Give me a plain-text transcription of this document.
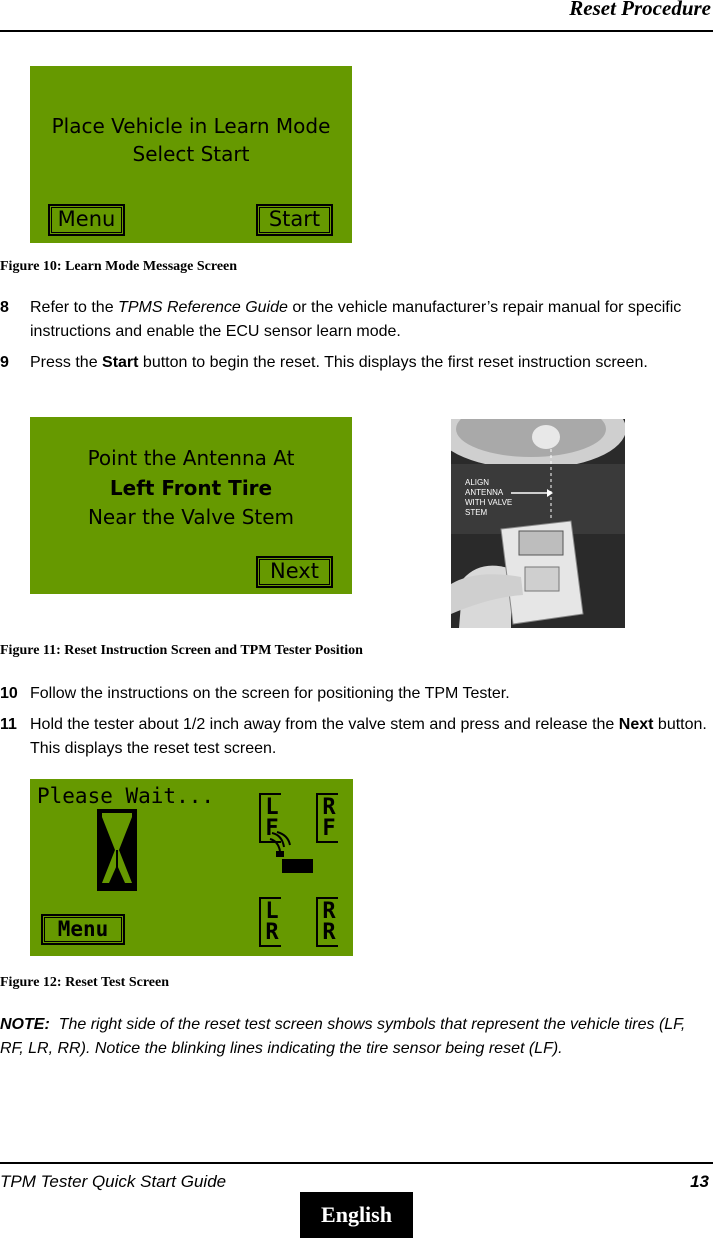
Reset Procedure
Place Vehicle in Learn Mode
Select Start
Menu	Start
Figure 10: Learn Mode Message Screen
8 Refer to the TPMS Reference Guide or the vehicle manufacturer’s repair manual for specific instructions and enable the ECU sensor learn mode.
9 Press the Start button to begin the reset. This displays the first reset instruction screen.
Point the Antenna At
Left Front Tire
Near the Valve Stem
Next
ALIGN
ANTENNA
WITH VALVE
STEM
Figure 11: Reset Instruction Screen and TPM Tester Position
10 Follow the instructions on the screen for positioning the TPM Tester.
11 Hold the tester about 1/2 inch away from the valve stem and press and release the Next button. This displays the reset test screen.
Please Wait... L
F
R
F
L
R
R
R
Menu
Figure 12: Reset Test Screen
NOTE:  The right side of the reset test screen shows symbols that represent the vehicle tires (LF, RF, LR, RR). Notice the blinking lines indicating the tire sensor being reset (LF).
TPM Tester Quick Start Guide	13
English
